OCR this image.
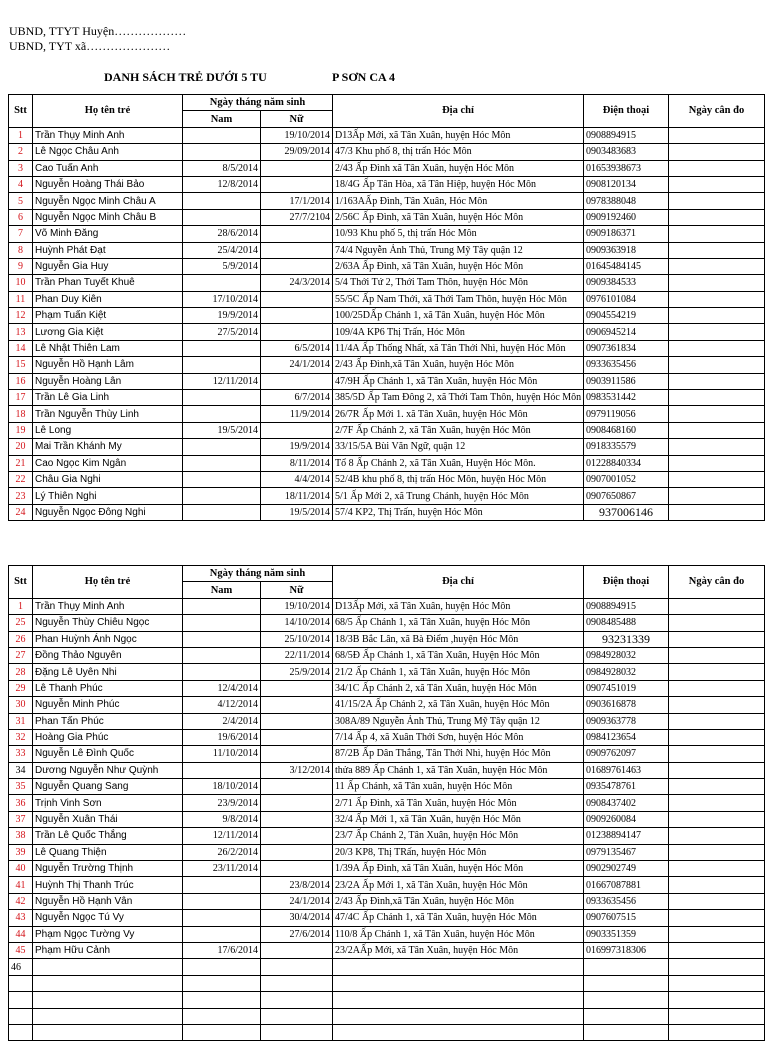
UBND, TTYT Huyện………………
UBND, TYT xã…………………
DANH SÁCH TRẺ DƯỚI 5 TU	P SƠN CA 4
Stt	Họ tên trẻ	Ngày tháng năm sinh		Địa chỉ	Điện thoại	Ngày cân đo
		Nam	Nữ			
1	Trần Thụy Minh Anh		19/10/2014	D13Ấp Mới, xã Tân Xuân, huyện Hóc Môn	0908894915	
2	Lê Ngọc Châu Anh		29/09/2014	47/3 Khu phố 8, thị trấn Hóc Môn	0903483683	
3	Cao Tuấn Anh	8/5/2014		2/43 Ấp Đình xã Tân Xuân, huyện Hóc Môn	01653938673	
4	Nguyễn Hoàng Thái Bảo	12/8/2014		18/4G Ấp Tân Hòa, xã Tân Hiệp, huyện Hóc Môn	0908120134	
5	Nguyễn Ngọc Minh Châu A		17/1/2014	1/163AẤp Đình, Tân Xuân, Hóc Môn	0978388048	
6	Nguyễn Ngọc Minh Châu B		27/7/2104	2/56C Ấp Đình, xã Tân Xuân, huyện Hóc Môn	0909192460	
7	Võ Minh Đăng	28/6/2014		10/93 Khu phố 5, thị trấn Hóc Môn	0909186371	
8	Huỳnh Phát Đạt	25/4/2014		74/4 Nguyễn Ảnh Thủ, Trung Mỹ Tây quận 12	0909363918	
9	Nguyễn Gia Huy	5/9/2014		2/63A Ấp Đình, xã Tân Xuân, huyện Hóc Môn	01645484145	
10	Trần Phan Tuyết Khuê		24/3/2014	5/4 Thới Tứ 2, Thới Tam Thôn, huyện Hóc Môn	0909384533	
11	Phan Duy Kiên	17/10/2014		55/5C Ấp Nam Thới, xã Thới Tam Thôn, huyện Hóc Môn	0976101084	
12	Phạm Tuấn Kiệt	19/9/2014		100/25DẤp Chánh 1, xã Tân Xuân, huyện Hóc Môn	0904554219	
13	Lương Gia Kiệt	27/5/2014		109/4A KP6 Thị Trấn, Hóc Môn	0906945214	
14	Lê Nhật Thiên Lam		6/5/2014	11/4A Ấp Thống Nhất, xã Tân Thới Nhì, huyện Hóc Môn	0907361834	
15	Nguyễn Hồ Hạnh Lâm		24/1/2014	2/43 Ấp Đình,xã Tân Xuân, huyện Hóc Môn	0933635456	
16	Nguyễn Hoàng Lân	12/11/2014		47/9H Ấp Chánh 1, xã Tân Xuân, huyện Hóc Môn	0903911586	
17	Trần Lê Gia Linh		6/7/2014	385/5D Ấp Tam Đông 2, xã Thới Tam Thôn, huyện Hóc Môn	0983531442	
18	Trần Nguyễn Thùy Linh		11/9/2014	26/7R Ấp Mới 1. xã Tân Xuân, huyện Hóc Môn	0979119056	
19	Lê Long	19/5/2014		2/7F Ấp Chánh 2, xã Tân Xuân, huyện Hóc Môn	0908468160	
20	Mai Trần Khánh My		19/9/2014	33/15/5A Bùi Văn Ngữ, quận 12	0918335579	
21	Cao Ngọc Kim Ngân		8/11/2014	Tổ 8 Ấp Chánh 2, xã Tân Xuân, Huyện Hóc Môn.	01228840334	
22	Châu Gia Nghi		4/4/2014	52/4B khu phố 8, thị trấn Hóc Môn, huyện Hóc Môn	0907001052	
23	Lý Thiên Nghi		18/11/2014	5/1 Ấp Mới 2, xã Trung Chánh, huyện Hóc Môn	0907650867	
24	Nguyễn Ngọc Đông Nghi		19/5/2014	57/4 KP2, Thị Trấn, huyện Hóc Môn	937006146	
Stt	Họ tên trẻ	Ngày tháng năm sinh		Địa chỉ	Điện thoại	Ngày cân đo
		Nam	Nữ			
1	Trần Thụy Minh Anh		19/10/2014	D13Ấp Mới, xã Tân Xuân, huyện Hóc Môn	0908894915	
25	Nguyễn Thùy Chiêu Ngọc		14/10/2014	68/5 Ấp Chánh 1, xã Tân Xuân, huyện Hóc Môn	0908485488	
26	Phan Huỳnh Ánh Ngọc		25/10/2014	18/3B Bắc Lân, xã Bà Điểm ,huyện Hóc Môn	93231339	
27	Đồng Thảo Nguyên		22/11/2014	68/5Đ Ấp Chánh 1, xã Tân Xuân, Huyện Hóc Môn	0984928032	
28	Đặng Lê Uyên Nhi		25/9/2014	21/2 Ấp Chánh 1, xã Tân Xuân, huyện Hóc Môn	0984928032	
29	Lê Thanh Phúc	12/4/2014		34/1C Ấp Chánh 2, xã Tân Xuân, huyện Hóc Môn	0907451019	
30	Nguyễn Minh Phúc	4/12/2014		41/15/2A Ấp Chánh 2, xã Tân Xuân, huyện Hóc Môn	0903616878	
31	Phan Tấn Phúc	2/4/2014		308A/89 Nguyễn Ảnh Thủ, Trung Mỹ Tây quận 12	0909363778	
32	Hoàng Gia Phúc	19/6/2014		7/14 Ấp 4, xã Xuân Thới Sơn, huyện Hóc Môn	0984123654	
33	Nguyễn Lê Đình Quốc	11/10/2014		87/2B Ấp Dân Thắng, Tân Thới Nhì, huyện Hóc Môn	0909762097	
34	Dương Nguyễn Như Quỳnh		3/12/2014	thửa 889 Ấp Chánh 1, xã Tân Xuân, huyện Hóc Môn	01689761463	
35	Nguyễn Quang Sang	18/10/2014		11 Ấp Chánh, xã Tân xuân, huyện Hóc Môn	0935478761	
36	Trịnh Vinh Sơn	23/9/2014		2/71 Ấp Đình, xã Tân Xuân, huyện Hóc Môn	0908437402	
37	Nguyễn Xuân Thái	9/8/2014		32/4 Ấp Mới 1, xã Tân Xuân, huyện Hóc Môn	0909260084	
38	Trần Lê Quốc Thắng	12/11/2014		23/7 Ấp Chánh 2, Tân Xuân, huyện Hóc Môn	01238894147	
39	Lê Quang Thiện	26/2/2014		20/3 KP8, Thị TRấn, huyện Hóc Môn	0979135467	
40	Nguyễn Trường Thịnh	23/11/2014		1/39A Ấp Đình, xã Tân Xuân, huyện Hóc Môn	0902902749	
41	Huỳnh Thị Thanh Trúc		23/8/2014	23/2A Ấp Mới 1, xã Tân Xuân, huyện Hóc Môn	01667087881	
42	Nguyễn Hồ Hạnh Vân		24/1/2014	2/43 Ấp Đình,xã Tân Xuân, huyện Hóc Môn	0933635456	
43	Nguyễn Ngọc Tú Vy		30/4/2014	47/4C Ấp Chánh 1, xã Tân Xuân, huyện Hóc Môn	0907607515	
44	Phạm Ngọc Tường Vy		27/6/2014	110/8 Ấp Chánh 1, xã Tân Xuân, huyện Hóc Môn	0903351359	
45	Phạm Hữu Cảnh	17/6/2014		23/2AẤp Mới, xã Tân Xuân, huyện Hóc Môn	016997318306	
46						
